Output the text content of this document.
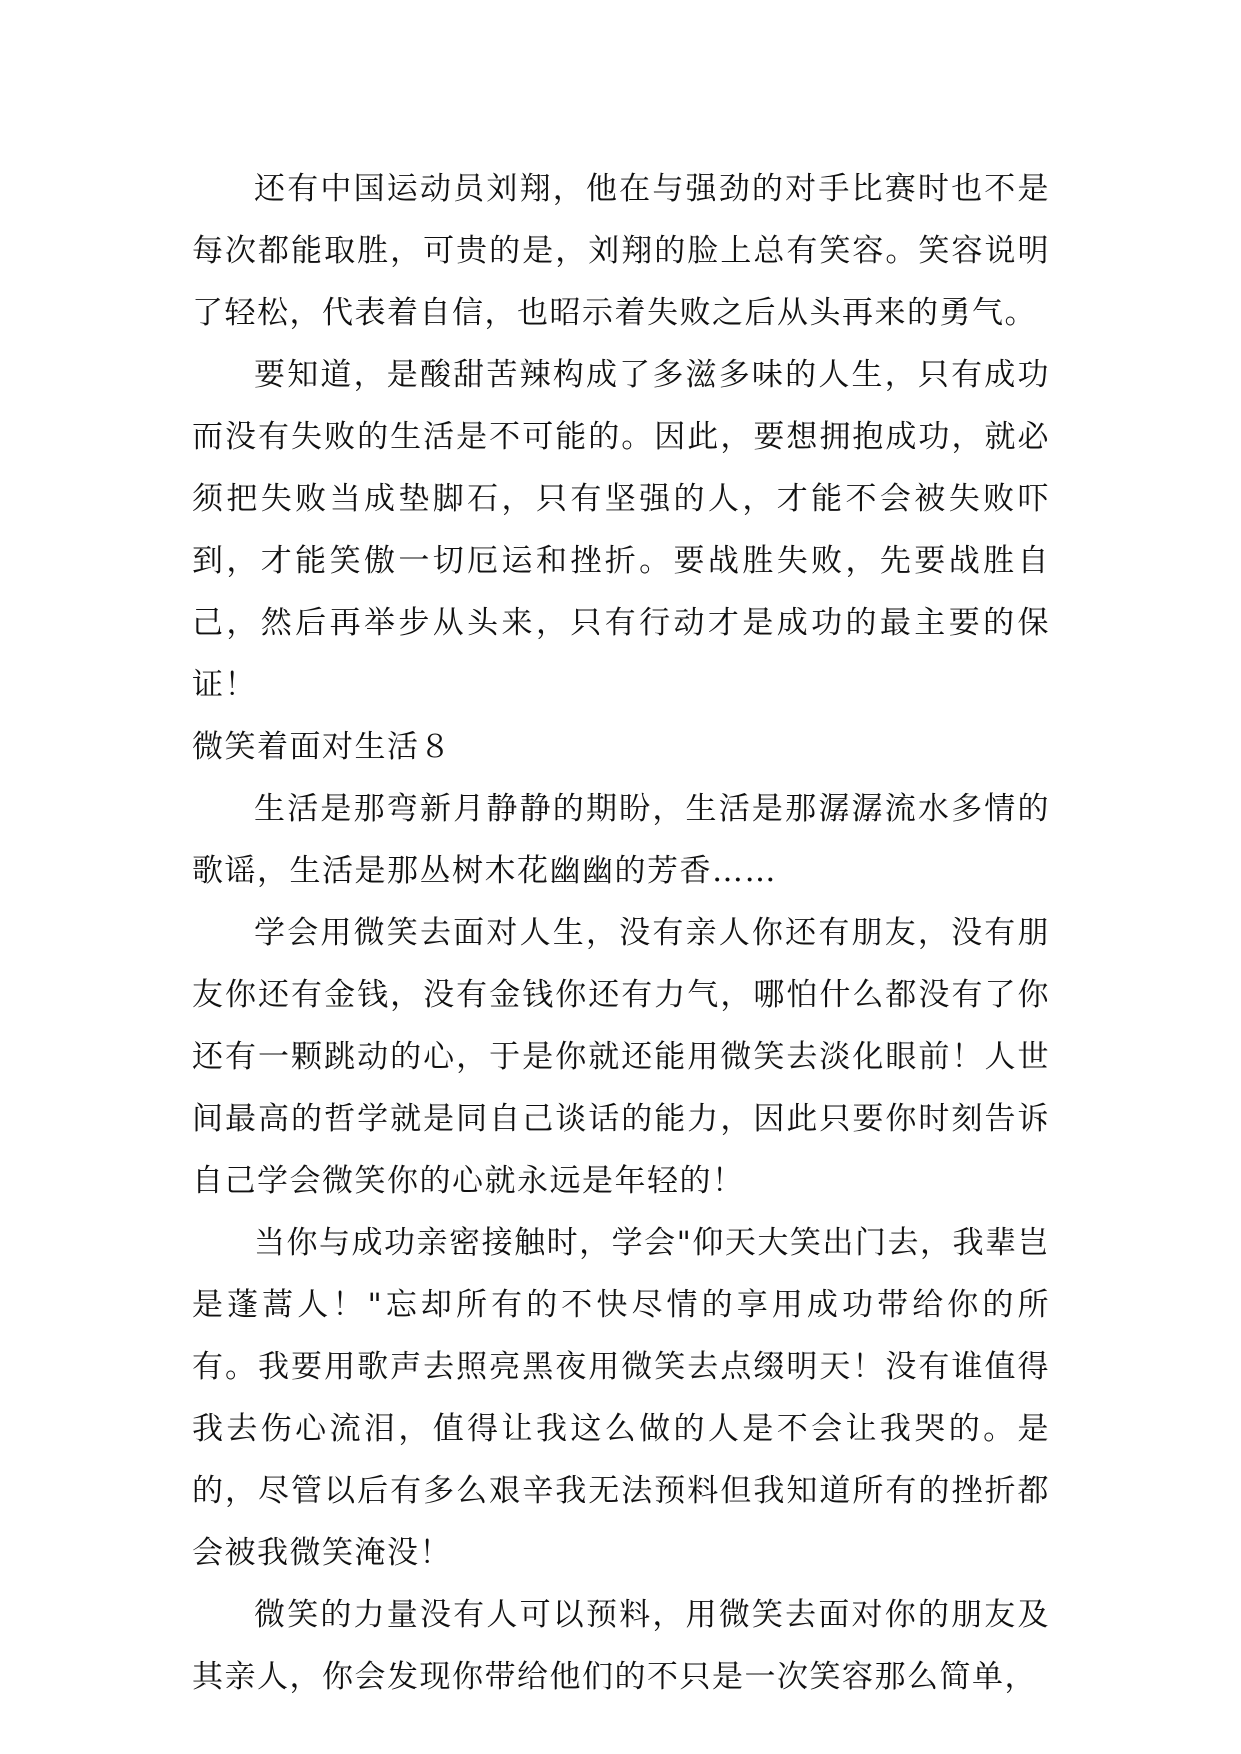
还有中国运动员刘翔，他在与强劲的对手比赛时也不是每次都能取胜，可贵的是，刘翔的脸上总有笑容。笑容说明了轻松，代表着自信，也昭示着失败之后从头再来的勇气。

要知道，是酸甜苦辣构成了多滋多味的人生，只有成功而没有失败的生活是不可能的。因此，要想拥抱成功，就必须把失败当成垫脚石，只有坚强的人，才能不会被失败吓到，才能笑傲一切厄运和挫折。要战胜失败，先要战胜自己，然后再举步从头来，只有行动才是成功的最主要的保证！

微笑着面对生活８

生活是那弯新月静静的期盼，生活是那潺潺流水多情的歌谣，生活是那丛树木花幽幽的芳香……

学会用微笑去面对人生，没有亲人你还有朋友，没有朋友你还有金钱，没有金钱你还有力气，哪怕什么都没有了你还有一颗跳动的心，于是你就还能用微笑去淡化眼前！人世间最高的哲学就是同自己谈话的能力，因此只要你时刻告诉自己学会微笑你的心就永远是年轻的！

当你与成功亲密接触时，学会"仰天大笑出门去，我辈岂是蓬蒿人！"忘却所有的不快尽情的享用成功带给你的所有。我要用歌声去照亮黑夜用微笑去点缀明天！没有谁值得我去伤心流泪，值得让我这么做的人是不会让我哭的。是的，尽管以后有多么艰辛我无法预料但我知道所有的挫折都会被我微笑淹没！

微笑的力量没有人可以预料，用微笑去面对你的朋友及其亲人，你会发现你带给他们的不只是一次笑容那么简单，
